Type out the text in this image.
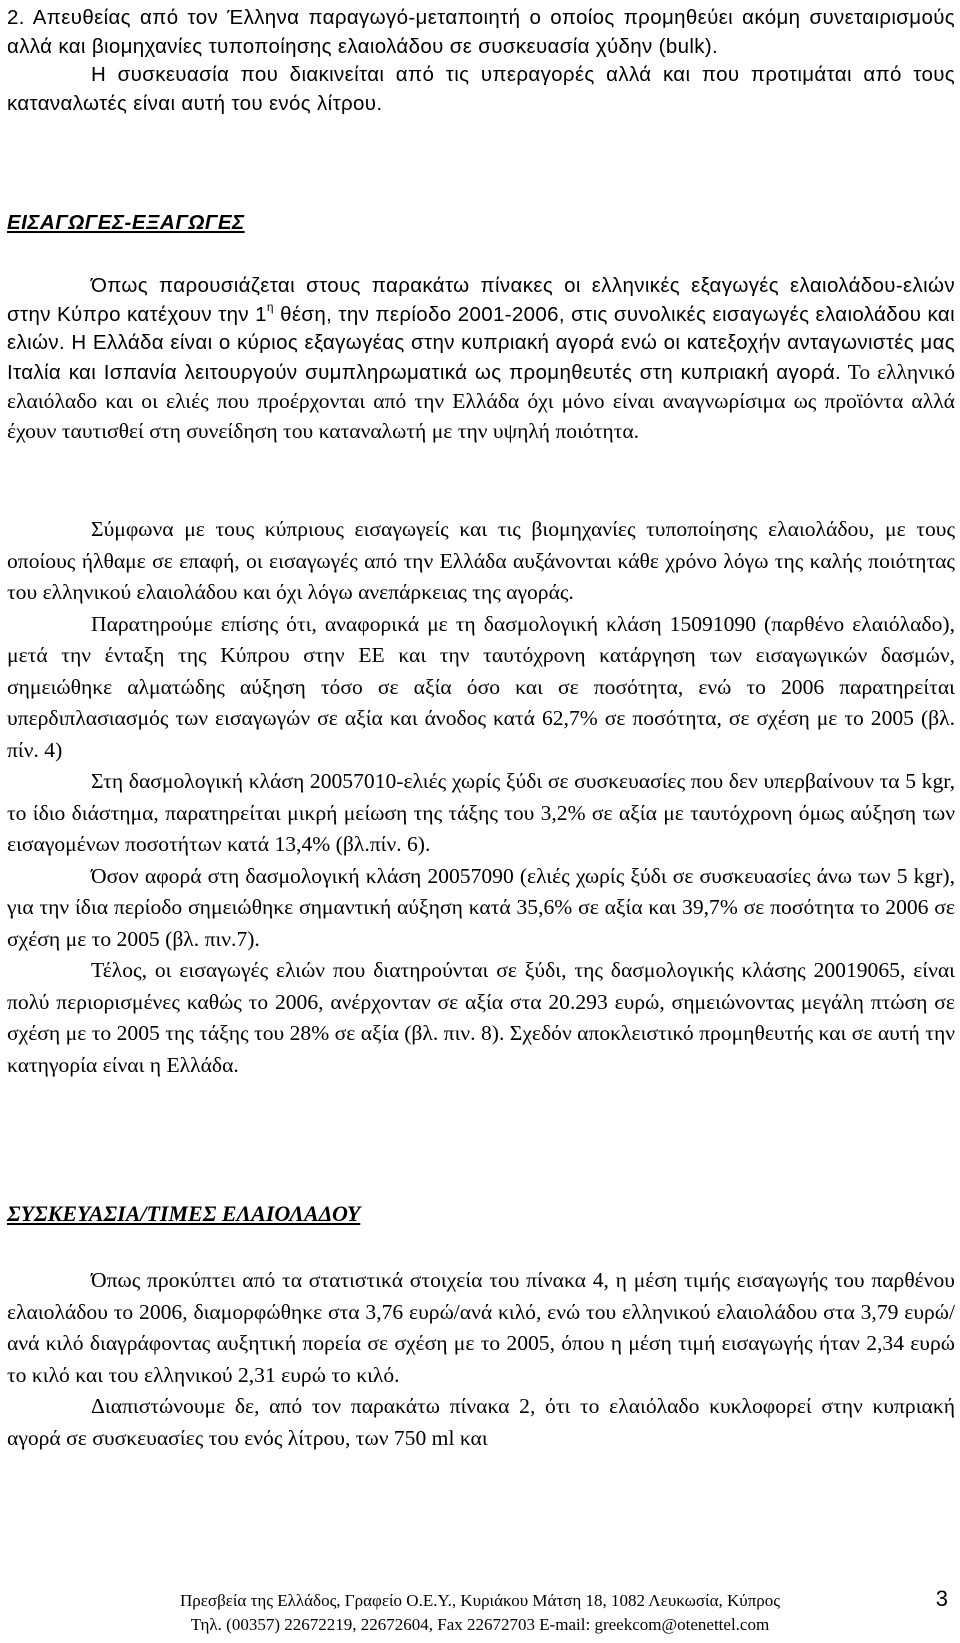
2. Απευθείας από τον Έλληνα παραγωγό-μεταποιητή ο οποίος προμηθεύει ακόμη συνεταιρισμούς αλλά και βιομηχανίες τυποποίησης ελαιολάδου σε συσκευασία χύδην (bulk).

Η συσκευασία που διακινείται από τις υπεραγορές αλλά και που προτιμάται από τους καταναλωτές είναι αυτή του ενός λίτρου.

ΕΙΣΑΓΩΓΕΣ-ΕΞΑΓΩΓΕΣ

Όπως παρουσιάζεται στους παρακάτω πίνακες οι ελληνικές εξαγωγές ελαιολάδου-ελιών στην Κύπρο κατέχουν την $1^\eta$ θέση, την περίοδο 2001-2006, στις συνολικές εισαγωγές ελαιολάδου και ελιών. Η Ελλάδα είναι ο κύριος εξαγωγέας στην κυπριακή αγορά ενώ οι κατεξοχήν ανταγωνιστές μας Ιταλία και Ισπανία λειτουργούν συμπληρωματικά ως προμηθευτές στη κυπριακή αγορά. Το ελληνικό ελαιόλαδο και οι ελιές που προέρχονται από την Ελλάδα όχι μόνο είναι αναγνωρίσιμα ως προϊόντα αλλά έχουν ταυτισθεί στη συνείδηση του καταναλωτή με την υψηλή ποιότητα.

Σύμφωνα με τους κύπριους εισαγωγείς και τις βιομηχανίες τυποποίησης ελαιολάδου, με τους οποίους ήλθαμε σε επαφή, οι εισαγωγές από την Ελλάδα αυξάνονται κάθε χρόνο λόγω της καλής ποιότητας του ελληνικού ελαιολάδου και όχι λόγω ανεπάρκειας της αγοράς.

Παρατηρούμε επίσης ότι, αναφορικά με τη δασμολογική κλάση 15091090 (παρθένο ελαιόλαδο), μετά την ένταξη της Κύπρου στην ΕΕ και την ταυτόχρονη κατάργηση των εισαγωγικών δασμών, σημειώθηκε αλματώδης αύξηση τόσο σε αξία όσο και σε ποσότητα, ενώ το 2006 παρατηρείται υπερδιπλασιασμός των εισαγωγών σε αξία και άνοδος κατά 62,7% σε ποσότητα, σε σχέση με το 2005 (βλ. πίν. 4)

Στη δασμολογική κλάση 20057010-ελιές χωρίς ξύδι σε συσκευασίες που δεν υπερβαίνουν τα 5 kgr, το ίδιο διάστημα, παρατηρείται μικρή μείωση της τάξης του 3,2% σε αξία με ταυτόχρονη όμως αύξηση των εισαγομένων ποσοτήτων κατά 13,4% (βλ.πίν. 6).

Όσον αφορά στη δασμολογική κλάση 20057090 (ελιές χωρίς ξύδι σε συσκευασίες άνω των 5 kgr), για την ίδια περίοδο σημειώθηκε σημαντική αύξηση κατά 35,6% σε αξία και 39,7% σε ποσότητα το 2006 σε σχέση με το 2005 (βλ. πιν.7).

Τέλος, οι εισαγωγές ελιών που διατηρούνται σε ξύδι, της δασμολογικής κλάσης 20019065, είναι πολύ περιορισμένες καθώς το 2006, ανέρχονταν σε αξία στα 20.293 ευρώ, σημειώνοντας μεγάλη πτώση σε σχέση με το 2005 της τάξης του 28% σε αξία (βλ. πιν. 8). Σχεδόν αποκλειστικό προμηθευτής και σε αυτή την κατηγορία είναι η Ελλάδα.

ΣΥΣΚΕΥΑΣΙΑ/ΤΙΜΕΣ ΕΛΑΙΟΛΑΔΟΥ

Όπως προκύπτει από τα στατιστικά στοιχεία του πίνακα 4, η μέση τιμής εισαγωγής του παρθένου ελαιολάδου το 2006, διαμορφώθηκε στα 3,76 ευρώ/ανά κιλό, ενώ του ελληνικού ελαιολάδου στα 3,79 ευρώ/ανά κιλό διαγράφοντας αυξητική πορεία σε σχέση με το 2005, όπου η μέση τιμή εισαγωγής ήταν 2,34 ευρώ το κιλό και του ελληνικού 2,31 ευρώ το κιλό.

Διαπιστώνουμε δε, από τον παρακάτω πίνακα 2, ότι το ελαιόλαδο κυκλοφορεί στην κυπριακή αγορά σε συσκευασίες του ενός λίτρου, των 750 ml και

Πρεσβεία της Ελλάδος, Γραφείο Ο.Ε.Υ., Κυριάκου Μάτση 18, 1082 Λευκωσία, Κύπρος
Τηλ. (00357) 22672219, 22672604, Fax 22672703 E-mail: greekcom@otenettel.com
3
